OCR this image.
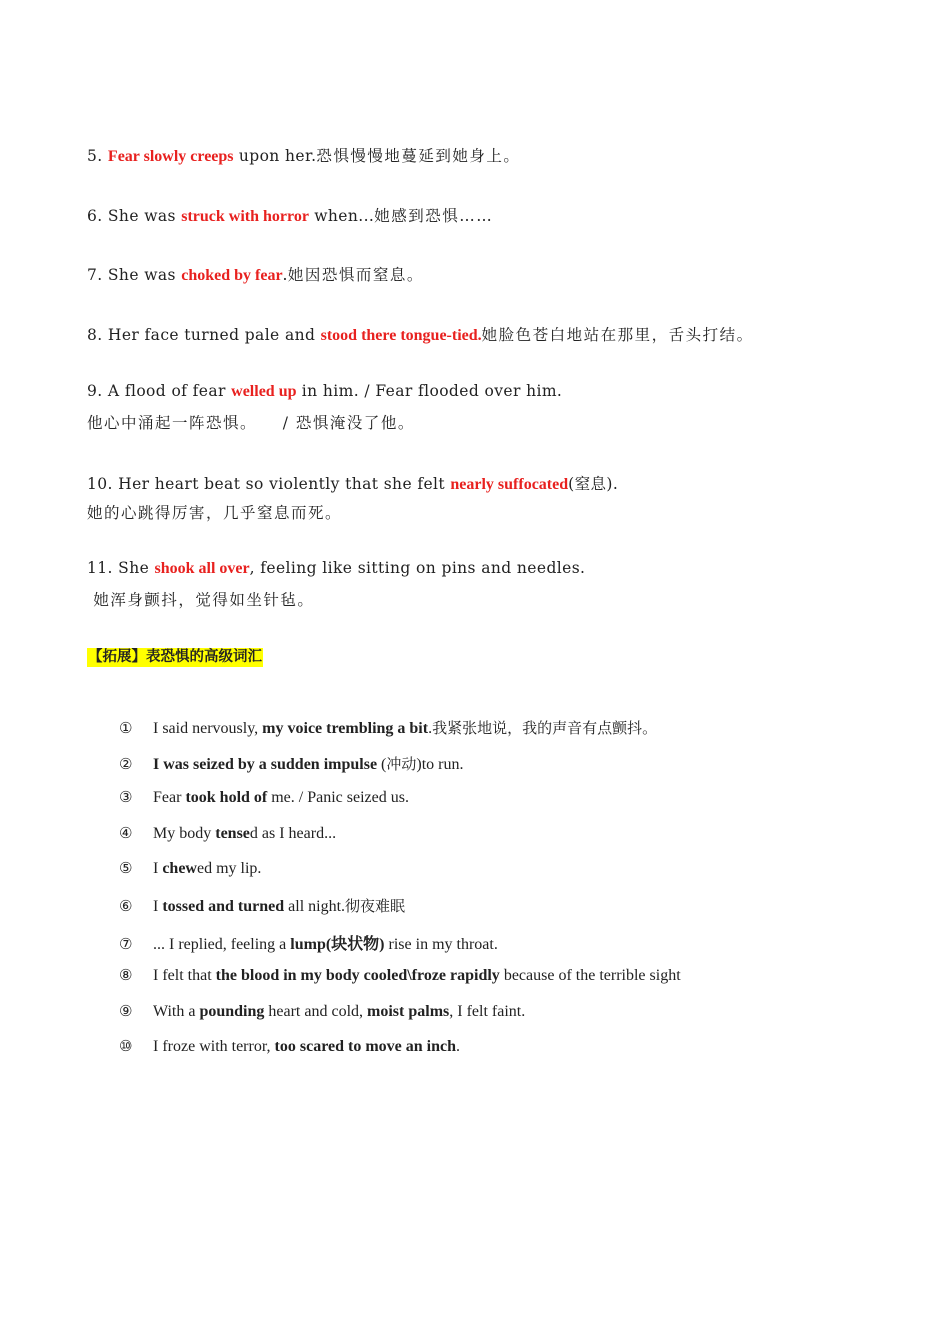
5. Fear slowly creeps upon her.恐惧慢慢地蔓延到她身上。
6. She was struck with horror when...她感到恐惧……
7. She was choked by fear.她因恐惧而窒息。
8. Her face turned pale and stood there tongue-tied.她脸色苍白地站在那里，舌头打结。
9. A flood of fear welled up in him. / Fear flooded over him.
他心中涌起一阵恐惧。    / 恐惧淹没了他。
10. Her heart beat so violently that she felt nearly suffocated(窒息).
她的心跳得厉害，几乎窒息而死。
11. She shook all over, feeling like sitting on pins and needles.
她浑身颤抖，觉得如坐针毡。
【拓展】表恐惧的高级词汇
① I said nervously, my voice trembling a bit.我紧张地说，我的声音有点颤抖。
② I was seized by a sudden impulse (冲动)to run.
③ Fear took hold of me. / Panic seized us.
④ My body tensed as I heard...
⑤ I chewed my lip.
⑥ I tossed and turned all night.彻夜难眠
⑦ ... I replied, feeling a lump(块状物) rise in my throat.
⑧ I felt that the blood in my body cooled\froze rapidly because of the terrible sight
⑨ With a pounding heart and cold, moist palms, I felt faint.
⑩ I froze with terror, too scared to move an inch.
